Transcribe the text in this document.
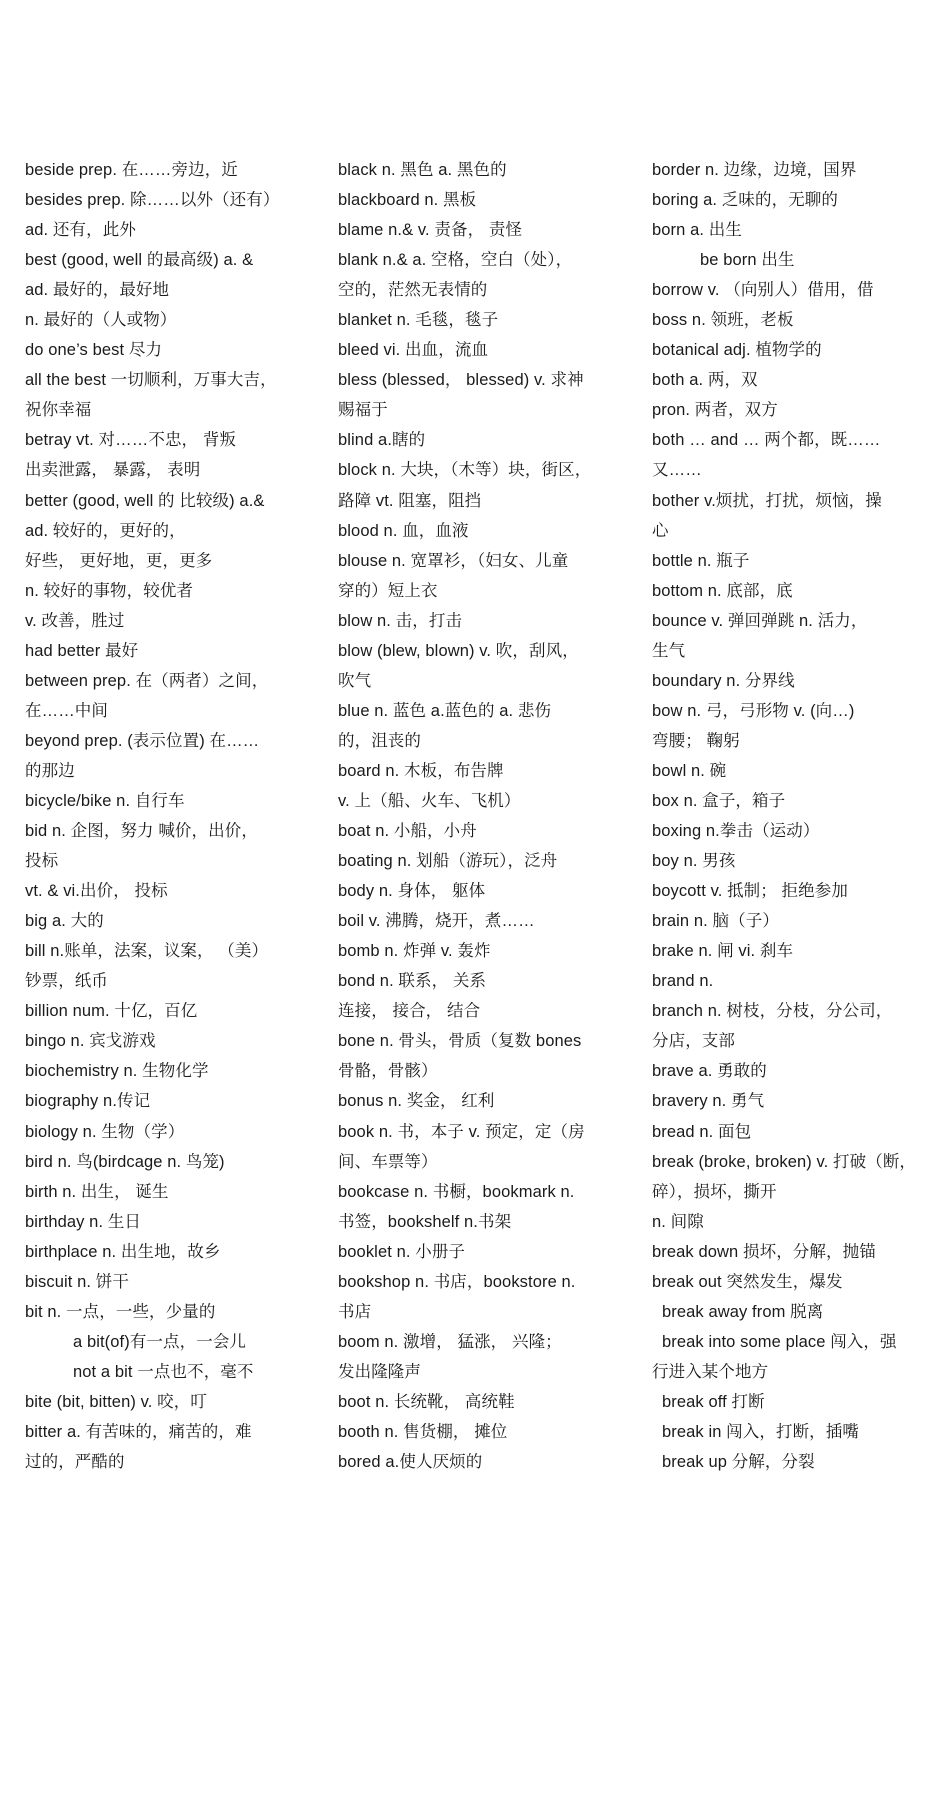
beside prep. 在……旁边，近
besides prep. 除……以外（还有）
ad. 还有，此外
best (good, well 的最高级) a. &
ad. 最好的，最好地
n. 最好的（人或物）
do one’s best 尽力
all the best 一切顺利，万事大吉，
祝你幸福
betray vt. 对……不忠， 背叛
出卖泄露， 暴露， 表明
better (good, well 的 比较级) a.&
ad. 较好的，更好的，
好些， 更好地，更，更多
n. 较好的事物，较优者
v. 改善，胜过
had better 最好
between prep. 在（两者）之间，
在……中间
beyond prep. (表示位置) 在……
的那边
bicycle/bike n. 自行车
bid n. 企图，努力 喊价，出价，
投标
vt. & vi.出价， 投标
big a. 大的
bill n.账单，法案，议案， （美）
钞票，纸币
billion num. 十亿，百亿
bingo n. 宾戈游戏
biochemistry n. 生物化学
biography n.传记
biology n. 生物（学）
bird n. 鸟(birdcage n. 鸟笼)
birth n. 出生， 诞生
birthday n. 生日
birthplace n. 出生地，故乡
biscuit n. 饼干
bit n. 一点，一些，少量的
a bit(of)有一点，一会儿
not a bit 一点也不，毫不
bite (bit, bitten) v. 咬，叮
bitter a. 有苦味的，痛苦的，难
过的，严酷的
black n. 黑色 a. 黑色的
blackboard n. 黑板
blame n.& v. 责备， 责怪
blank n.& a. 空格，空白（处），
空的，茫然无表情的
blanket n. 毛毯，毯子
bleed vi. 出血，流血
bless (blessed， blessed) v. 求神
赐福于
blind a.瞎的
block n. 大块，（木等）块，街区，
路障 vt. 阻塞，阻挡
blood n. 血，血液
blouse n. 宽罩衫，（妇女、儿童
穿的）短上衣
blow n. 击，打击
blow (blew, blown) v. 吹，刮风，
吹气
blue n. 蓝色 a.蓝色的 a. 悲伤
的，沮丧的
board n. 木板，布告牌
v. 上（船、火车、飞机）
boat n. 小船，小舟
boating n. 划船（游玩），泛舟
body n. 身体， 躯体
boil v. 沸腾，烧开，煮……
bomb n. 炸弹 v. 轰炸
bond n. 联系， 关系
连接， 接合， 结合
bone n. 骨头，骨质（复数 bones
骨骼，骨骸）
bonus n. 奖金， 红利
book n. 书，本子 v. 预定，定（房
间、车票等）
bookcase n. 书橱，bookmark n.
书签，bookshelf n.书架
booklet n. 小册子
bookshop n. 书店，bookstore n.
书店
boom n. 激增， 猛涨， 兴隆；
发出隆隆声
boot n. 长统靴， 高统鞋
booth n. 售货棚， 摊位
bored a.使人厌烦的
border n. 边缘，边境，国界
boring a. 乏味的，无聊的
born a. 出生
be born 出生
borrow v. （向别人）借用，借
boss n. 领班，老板
botanical adj. 植物学的
both a. 两，双
pron. 两者，双方
both … and … 两个都，既……
又……
bother v.烦扰，打扰，烦恼，操
心
bottle n. 瓶子
bottom n. 底部，底
bounce v. 弹回弹跳 n. 活力，
生气
boundary n. 分界线
bow n. 弓，弓形物 v. (向…)
弯腰； 鞠躬
bowl n. 碗
box n. 盒子，箱子
boxing n.拳击（运动）
boy n. 男孩
boycott v. 抵制； 拒绝参加
brain n. 脑（子）
brake n. 闸 vi. 刹车
brand n.
branch n. 树枝，分枝，分公司，
分店，支部
brave a. 勇敢的
bravery n. 勇气
bread n. 面包
break (broke, broken) v. 打破（断，
碎），损坏，撕开
n. 间隙
break down 损坏，分解，抛锚
break out 突然发生，爆发
break away from 脱离
break into some place 闯入，强
行进入某个地方
break off 打断
break in 闯入，打断，插嘴
break up 分解，分裂
